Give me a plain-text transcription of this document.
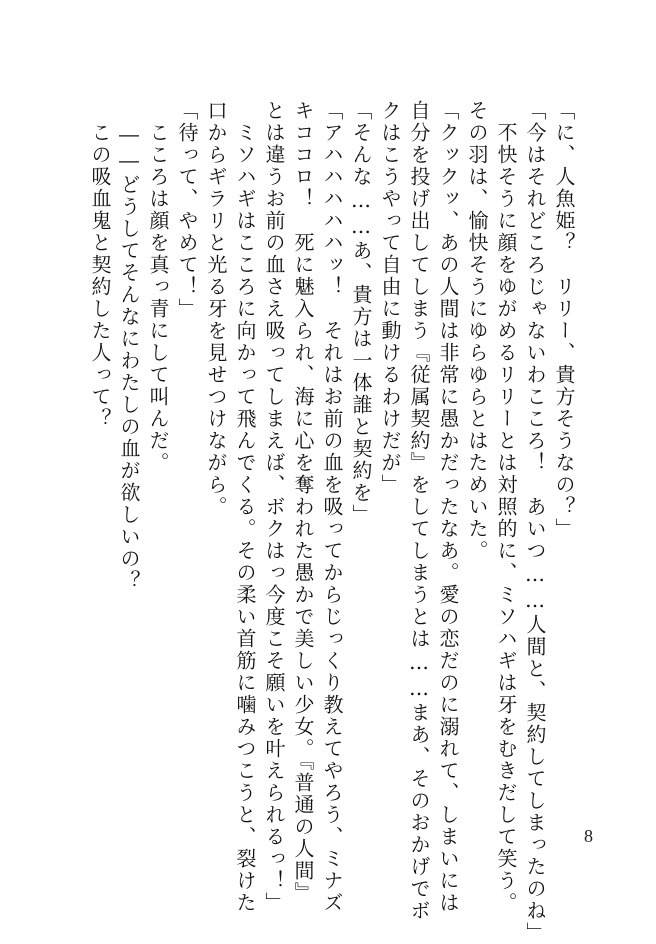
「に、人魚姫？　リリー、貴方そうなの？」
「今はそれどころじゃないわこころ！　あいつ……人間と、契約してしまったのね」
　不快そうに顔をゆがめるリリーとは対照的に、ミソハギは牙をむきだして笑う。
その羽は、愉快そうにゆらゆらとはためいた。
「クックッ、あの人間は非常に愚かだったなあ。愛の恋だのに溺れて、しまいには
自分を投げ出してしまう『従属契約』をしてしまうとは……まあ、そのおかげでボ
クはこうやって自由に動けるわけだが」
「そんな……あ、貴方は一体誰と契約を」
「アハハハハハッ！　それはお前の血を吸ってからじっくり教えてやろう、ミナズ
キココロ！　死に魅入られ、海に心を奪われた愚かで美しい少女。『普通の人間』
とは違うお前の血さえ吸ってしまえば、ボクはっ今度こそ願いを叶えられるっ！」
　ミソハギはこころに向かって飛んでくる。その柔い首筋に噛みつこうと、裂けた
口からギラリと光る牙を見せつけながら。
「待って、やめて！」
　こころは顔を真っ青にして叫んだ。
　――どうしてそんなにわたしの血が欲しいの？
　この吸血鬼と契約した人って？
8
